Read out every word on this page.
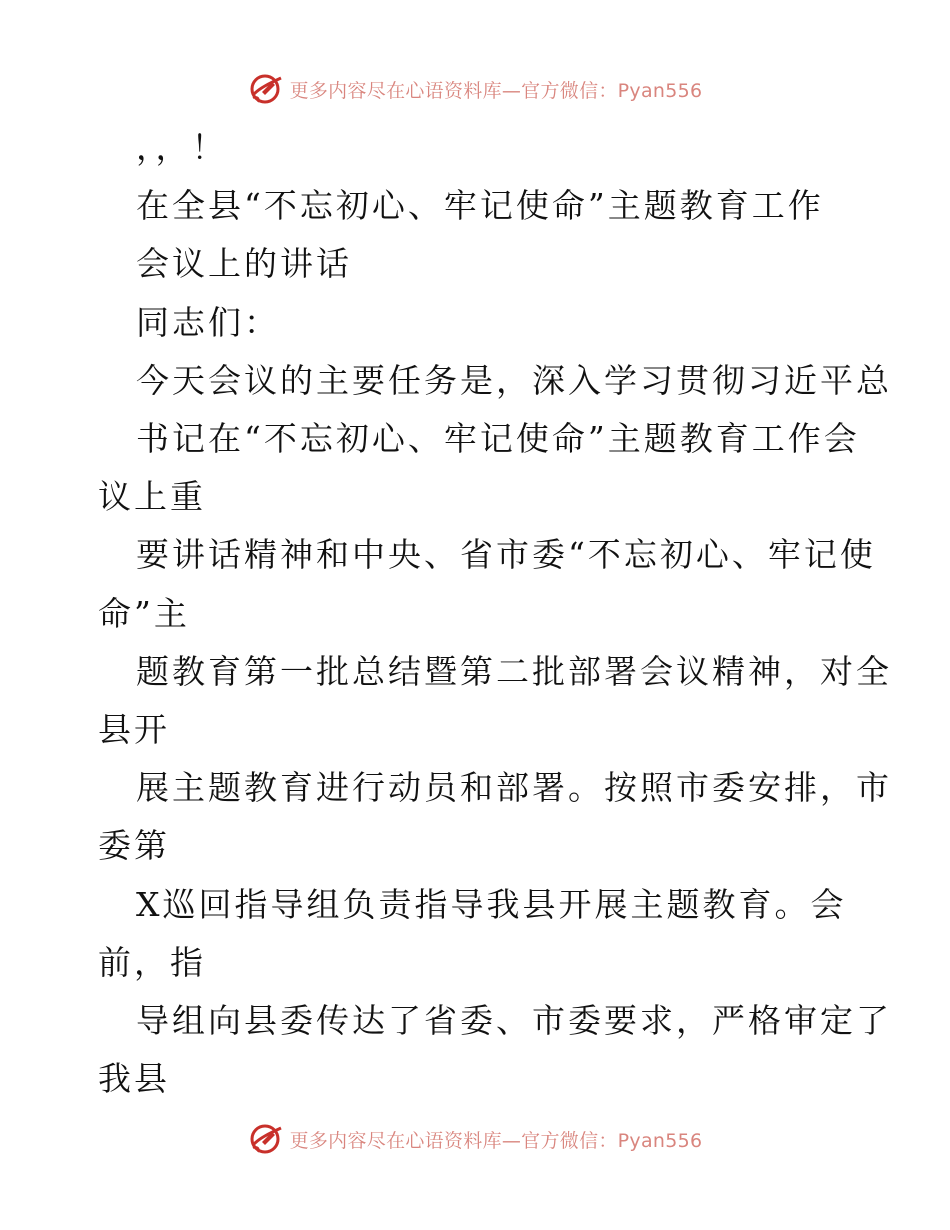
更多内容尽在心语资料库—官方微信：Pyan556
，，！
在全县“不忘初心、牢记使命”主题教育工作
会议上的讲话
同志们：
今天会议的主要任务是，深入学习贯彻习近平总
书记在“不忘初心、牢记使命”主题教育工作会
议上重
要讲话精神和中央、省市委“不忘初心、牢记使
命”主
题教育第一批总结暨第二批部署会议精神，对全
县开
展主题教育进行动员和部署。按照市委安排，市
委第
X巡回指导组负责指导我县开展主题教育。会
前，指
导组向县委传达了省委、市委要求，严格审定了
我县
更多内容尽在心语资料库—官方微信：Pyan556
